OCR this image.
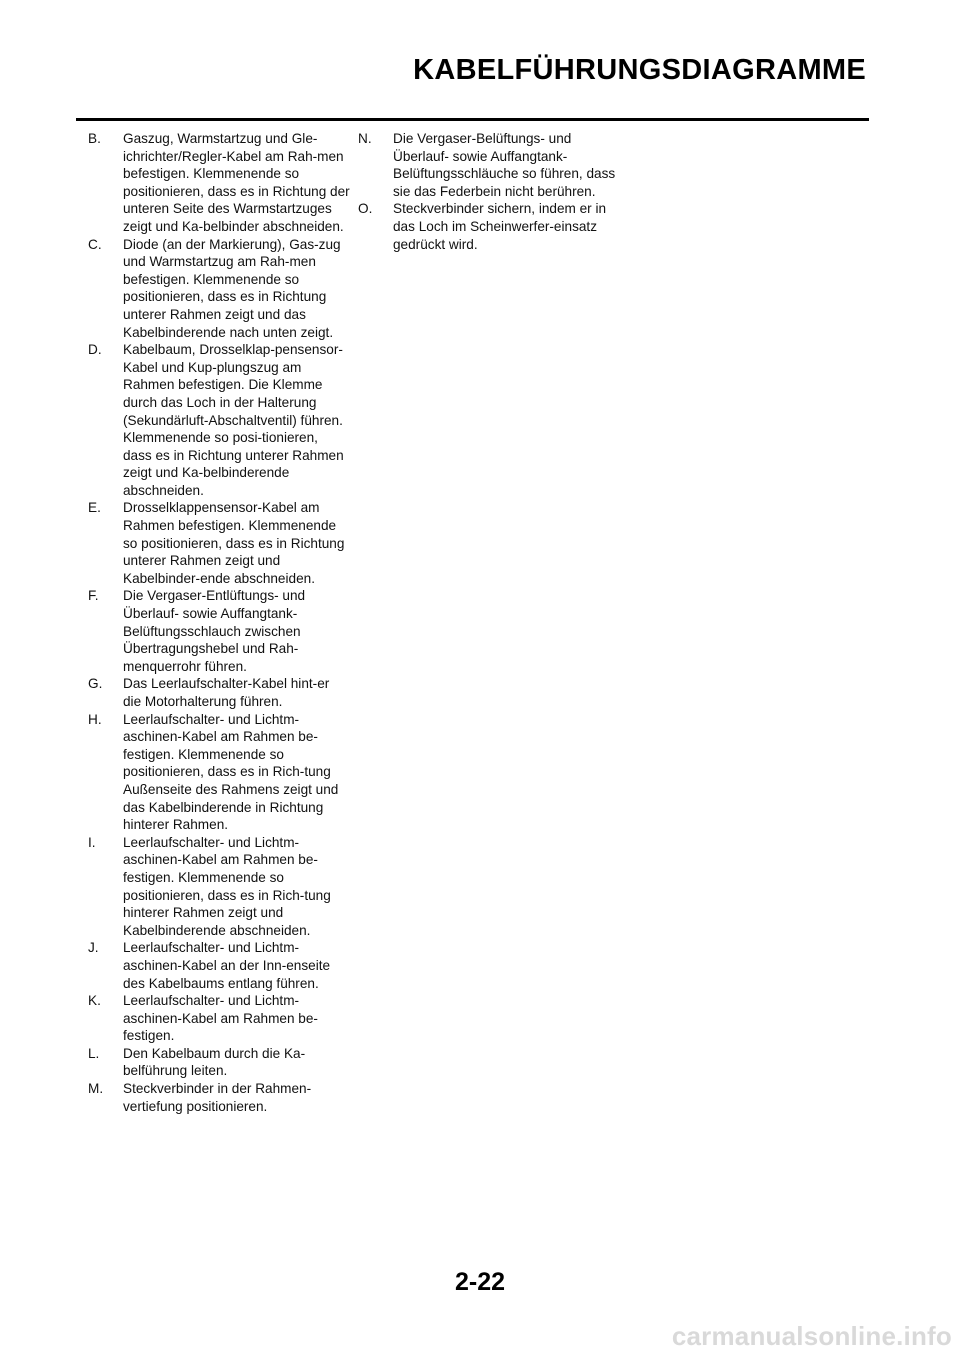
KABELFÜHRUNGSDIAGRAMME
B. Gaszug, Warmstartzug und Gle-ichrichter/Regler-Kabel am Rah-men befestigen. Klemmenende so positionieren, dass es in Richtung der unteren Seite des Warmstartzuges zeigt und Ka-belbinder abschneiden.
C. Diode (an der Markierung), Gas-zug und Warmstartzug am Rah-men befestigen. Klemmenende so positionieren, dass es in Richtung unterer Rahmen zeigt und das Kabelbinderende nach unten zeigt.
D. Kabelbaum, Drosselklap-pensensor- Kabel und Kup-plungszug am Rahmen befestigen. Die Klemme durch das Loch in der Halterung (Sekundärluft-Abschaltventil) führen. Klemmenende so posi-tionieren, dass es in Richtung unterer Rahmen zeigt und Ka-belbinderende abschneiden.
E. Drosselklappensensor-Kabel am Rahmen befestigen. Klemmenende so positionieren, dass es in Richtung unterer Rahmen zeigt und Kabelbinder-ende abschneiden.
F. Die Vergaser-Entlüftungs- und Überlauf- sowie Auffangtank-Belüftungsschlauch zwischen Übertragungshebel und Rah-menquerrohr führen.
G. Das Leerlaufschalter-Kabel hint-er die Motorhalterung führen.
H. Leerlaufschalter- und Lichtm-aschinen-Kabel am Rahmen be-festigen. Klemmenende so positionieren, dass es in Rich-tung Außenseite des Rahmens zeigt und das Kabelbinderende in Richtung hinterer Rahmen.
I. Leerlaufschalter- und Lichtm-aschinen-Kabel am Rahmen be-festigen. Klemmenende so positionieren, dass es in Rich-tung hinterer Rahmen zeigt und Kabelbinderende abschneiden.
J. Leerlaufschalter- und Lichtm-aschinen-Kabel an der Inn-enseite des Kabelbaums entlang führen.
K. Leerlaufschalter- und Lichtm-aschinen-Kabel am Rahmen be-festigen.
L. Den Kabelbaum durch die Ka-belführung leiten.
M. Steckverbinder in der Rahmen-vertiefung positionieren.
N. Die Vergaser-Belüftungs- und Überlauf- sowie Auffangtank-Belüftungsschläuche so führen, dass sie das Federbein nicht berühren.
O. Steckverbinder sichern, indem er in das Loch im Scheinwerfer-einsatz gedrückt wird.
2-22
carmanualsonline.info
